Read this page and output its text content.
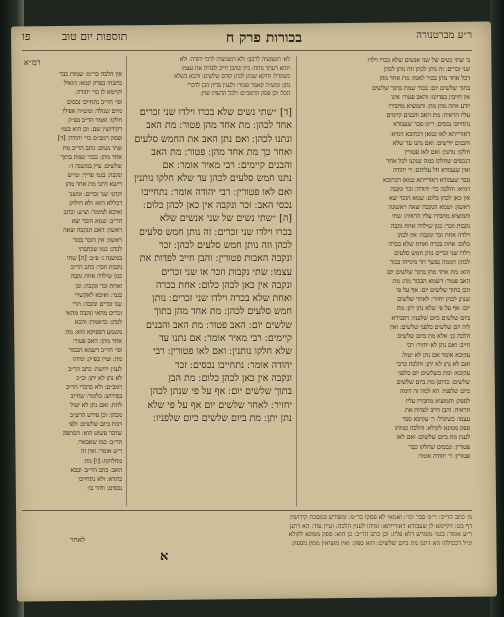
ר״ע מברטנורה
בכורות פרק ח
תוספות יום טוב
פו
רמ״א	לא׳ תשמעיה לרבנן ׃ ולא תשמעיה לרבי יהודה ׃ ולא
תהא דעתך נוחה ׃ כיון שהבן חייב לפדות את עצמו
כשיגדל ׃ ודוקא שנתן לכהן קודם שלשים ׃ והכא בשלא
נתן ׃ ומש״ה קאמר פטור ׃ ולענין פדיון הבן לדברי
הכל ׃ וכן פסק הרמב״ם ׃ ולכל הדעות שוין ׃
ב׳ שתי נשים של שני אנשים שלא בכרו וילדו
שני זכרים ׃ זה נותן לכהן וזה נותן לכהן
דכל אחד מהן בכור לאמו ׃ מת אחד מהן
בתוך שלשים יום ׃ בכור שמת בתוך שלשים
אין חייבין בפדיונו ׃ והאב פטור ׃ אינו
יודע איזה מהן מת ׃ והמוציא מחבירו
עליו הראיה ׃ מת האב והבנים קיימים
נתחייבו נכסים ׃ ר״מ סבר שעבודא
דאורייתא לאו כמאן דכתיבא דמיא ׃
והבנים יורשים ׃ ואם נתנו עד שלא
חלקו ׃ נותנין ׃ ואם לאו פטורין
דנכסים שחלקו כמה שנקנו לכל אחד
ואין שעבודא חל עליהם ׃ ר׳ יהודה
סבר שעבודא דאורייתא כמאן דכתיבא
דמיא ׃ והלכה כר׳ יהודה ׃ זכר ונקבה
אין כאן לכהן כלום ׃ שמא הזכר יצא
ראשון ׃ ושמא הנקבה יצאה ראשונה
והמוציא מחבירו עליו הראיה ׃ שתי
נקבות וזכר ׃ כגון שילדה אחת נקבה
וילדה אחת זכר ונקבה ׃ אין לכהן
כלום ׃ אחת בכרה ואחת שלא בכרה
וילדו שני זכרים נותן חמש סלעים
לכהן ׃ דממה נפשך חד מינייהו בכור
הוא ׃ מת אחד מהן בתוך שלשים יום
האב פטור ׃ דשמא הבכור מת ׃ מת
הבן בתוך שלשים יום ׃ אף על פי
שנתן לכהן יחזיר ׃ לאחר שלשים
יום ׃ אף על פי שלא נתן יתן ׃ מת
ביום שלשים כיום שלפניו ׃ דסבירא
ליה יום שלשים כלפני שלשים ׃ ואין
הלכה כן ׃ אלא מת ביום שלשים
חייב ׃ ואם נתן לא יחזיר ׃ רבי
עקיבא אומר אם נתן לא יטול ׃
ואם לא נתן לא יתן ׃ והלכה כרבי
עקיבא ׃ ומת בשלשים יום כלפני
שלשים ׃ כדתנן מת ביום שלשים
כיום שלפניו ׃ הא למה זה דומה
לספק ׃ והמוציא מחבירו עליו
הראיה ׃ והבן חייב לפדות את
עצמו ׃ כשיגדל ׃ ר׳ עקיבא סבר
ספק ממונא לקולא ׃ והלכה כמותו
לענין מת ביום שלשים ׃ ואם לאו
פטורין ׃ ונכסים שחלקו כבר
פטורין ׃ ר׳ יהודה אומר ׃
[ד] ״שתי נשים שלא בכרו וילדו שני זכרים׃
אחד לכהן ׃ מת אחד מהן פטור ׃ מת האב
ונתנו לכהן ׃ ואם נתן האב את החמש סלעים
ואחר כך מת אחד מהן ׃ פטור ׃ מת האב
והבנים קיימים ׃ רבי מאיר אומר ׃ אם
נתנו חמש סלעים לכהן עד שלא חלקו נותנין
ואם לאו פטורין ׃ רבי יהודה אומר ׃ נתחייבו
נכסי האב ׃ זכר ונקבה אין כאן לכהן כלום ׃
[ה] ״שתי נשים של שני אנשים שלא
בכרו וילדו שני זכרים ׃ זה נותן חמש סלעים
לכהן וזה נותן חמש סלעים לכהן ׃ זכר
ונקבה האבות פטורין ׃ והבן חייב לפדות את
עצמו ׃ שתי נקבות וזכר או שני זכרים
ונקבה אין כאן לכהן כלום ׃ אחת בכרה
ואחת שלא בכרה וילדו שני זכרים ׃ נותן
חמש סלעים לכהן ׃ מת אחד מהן בתוך
שלשים יום ׃ האב פטור ׃ מת האב והבנים
קיימים ׃ רבי מאיר אומר ׃ אם נתנו עד
שלא חלקו נותנין ׃ ואם לאו פטורין ׃ רבי
יהודה אומר ׃ נתחייבו נכסים ׃ זכר
ונקבה אין כאן לכהן כלום ׃ מת הבן
בתוך שלשים יום ׃ אף על פי שנתן לכהן
יחזיר ׃ לאחר שלשים יום אף על פי שלא
נתן יתן ׃ מת ביום שלשים כיום שלפניו ׃
אין הלכה כר״מ ׃ שמות כבר
כתבתי בפרק קמא ׃ הואיל
וקיימא לן כר׳ יהודה ׃
ופי׳ הר״ב נתחייבו נכסים
מיום שנולד ׃ ומש״ה אפילו
חלקו ׃ ואמר הר״ב בפ״ק
דקידושין שם ׃ וכן הוא בגמ׳
ופסק רמב״ם כר׳ יהודה ׃ [ד]
שתי נשים ׃ כתב הר״ב מת
אחד מהן ׃ בכור שמת בתוך
שלשים ׃ עיין במשנה ז׳ ׃
ונקבה ׃ בגמ׳ פריך ׃ ומ״ש
רישא דתני מת אחד מהן
וקתני שני זכרים ׃ ומשני
דכללא הוא ׃ ולא חילוק ׃
ואיכא למימר ׃ וצ״ע ׃ וכתב
הר״ב ׃ שמא הזכר יצא
ראשון ׃ דאם הנקבה יצאה
ראשון ׃ אין הזכר בכור
לכהן ׃ כמו שכתבתי
במשנה ג׳ פ״ב ׃ [ה] שתי
נקבות וזכר ׃ כתב הר״ב
כגון שילדה אחת נקבה
ואחת זכר ונקבה ׃ וכן
בגמ׳ ׃ ואיכא לאקשויי
שני זכרים ונקבה ׃ תרי
זכרים מהאי ונקבה מהאי
לכהן ׃ כדאמרן ׃ והכא
משמע דספיקא הוא ׃ מת
אחד מהן ׃ האב פטור ׃
ופי׳ הר״ב דשמא הבכור
מת ׃ ועיין בפ״ק ׃ ומיהו
לענין ירושה ׃ כתב הר״ב
לא נתן לא יתן ׃ וכ״כ
רמב״ם ׃ ולא כדברי הר״ב
בפירוש ׃ כלומר ׃ שחייב
לתת ׃ ואם נתן לא יטול
מכהן ׃ וכן פירש הרע״ב
דמת ביום שלשים ׃ ולפי
שדבר פשוט הוא ׃ הסתפק
הר״ב ׃ כמו שאבאר ׃
ר״ע אומר ׃ ואין זה
מחלוקת ׃ [ו] מת
האב ׃ כתב הר״ב ׃ ובבא
בתרא ׃ ולא נתחייבו
נכסים ׃ וחזר בו ׃
מ׳ כתב הר״ב ׃ ר״מ סבר וכו׳ ׃ ואמאי לא פסקו כר״מ ׃ ומפורש במסכת קידושין
דף כט ׃ דקיימא לן שעבודא דאורייתא ׃ ומיהו לענין הלכה ׃ ועיין עוד ׃ הא דתנן
ר״ע אומר ׃ בגמ׳ מפורש דלא פליג ׃ וכן כתב הר״ב ׃ כן הוא ׃ ספק ממונא לקולא
ונ״ל דבכולהו הא דתנן מת ביום שלשים ׃ הוא ספק ׃ ואין מוציאין ממון מספק ׃
לאחר
א
